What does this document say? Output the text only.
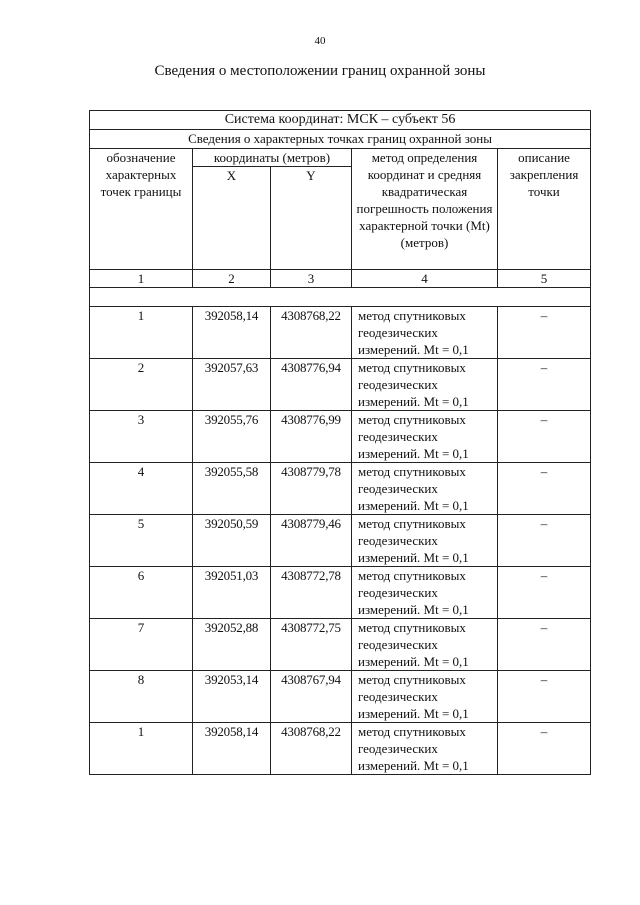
40
Сведения о местоположении границ охранной зоны
Система координат: МСК – субъект 56				
Сведения о характерных точках границ охранной зоны				
обозначение характерных точек границы	координаты (метров)		метод определения координат и средняя квадратическая погрешность положения характерной точки (Mt) (метров)	описание закрепления точки
	X	Y		
1	2	3	4	5

1	392058,14	4308768,22	метод спутниковых геодезических измерений. Mt = 0,1	–
2	392057,63	4308776,94	метод спутниковых геодезических измерений. Mt = 0,1	–
3	392055,76	4308776,99	метод спутниковых геодезических измерений. Mt = 0,1	–
4	392055,58	4308779,78	метод спутниковых геодезических измерений. Mt = 0,1	–
5	392050,59	4308779,46	метод спутниковых геодезических измерений. Mt = 0,1	–
6	392051,03	4308772,78	метод спутниковых геодезических измерений. Mt = 0,1	–
7	392052,88	4308772,75	метод спутниковых геодезических измерений. Mt = 0,1	–
8	392053,14	4308767,94	метод спутниковых геодезических измерений. Mt = 0,1	–
1	392058,14	4308768,22	метод спутниковых геодезических измерений. Mt = 0,1	–
